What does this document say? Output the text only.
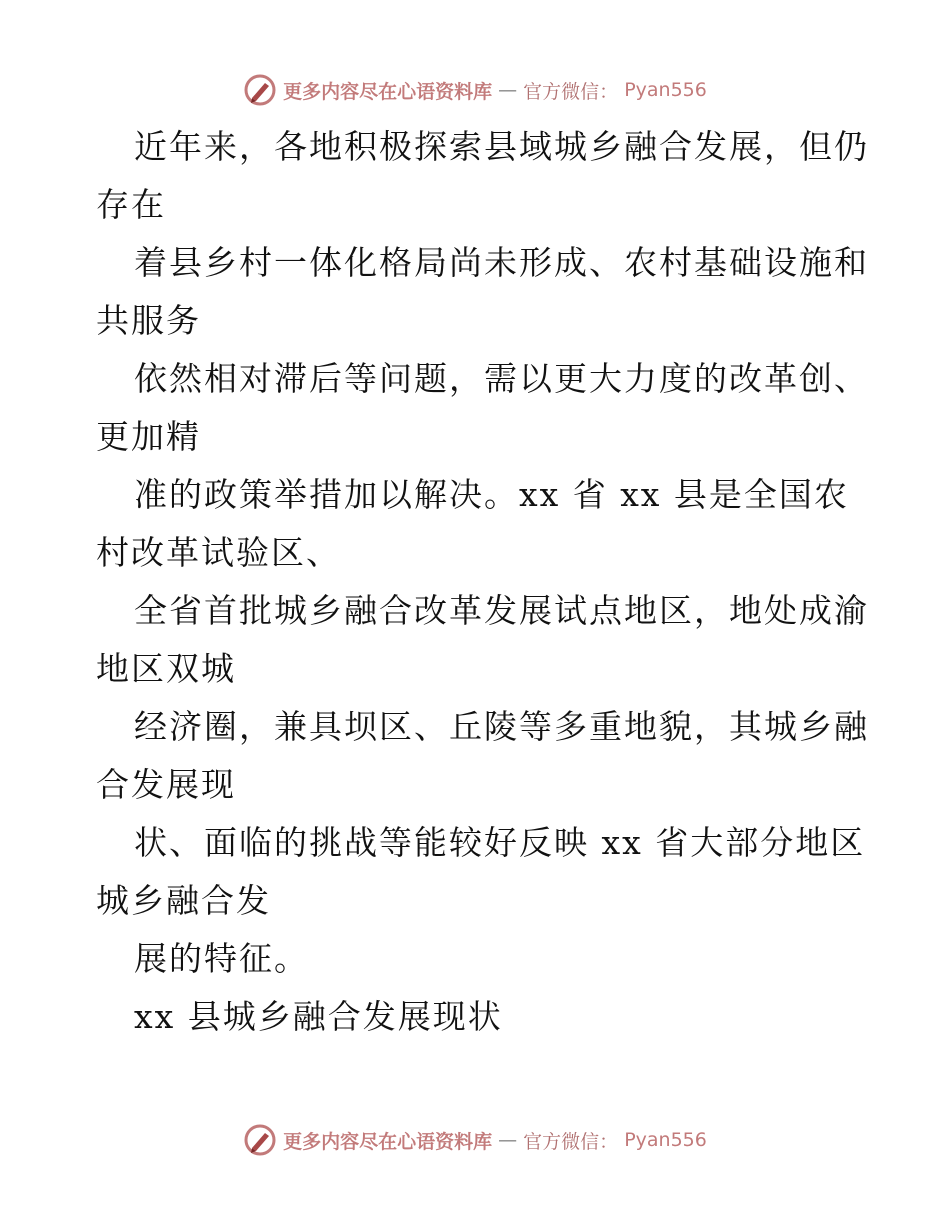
更多内容尽在心语资料库 — 官方微信： Pyan556
近年来，各地积极探索县域城乡融合发展，但仍
存在
着县乡村一体化格局尚未形成、农村基础设施和
共服务
依然相对滞后等问题，需以更大力度的改革创、
更加精
准的政策举措加以解决。xx 省 xx 县是全国农
村改革试验区、
全省首批城乡融合改革发展试点地区，地处成渝
地区双城
经济圈，兼具坝区、丘陵等多重地貌，其城乡融
合发展现
状、面临的挑战等能较好反映 xx 省大部分地区
城乡融合发
展的特征。
xx 县城乡融合发展现状
更多内容尽在心语资料库 — 官方微信： Pyan556
